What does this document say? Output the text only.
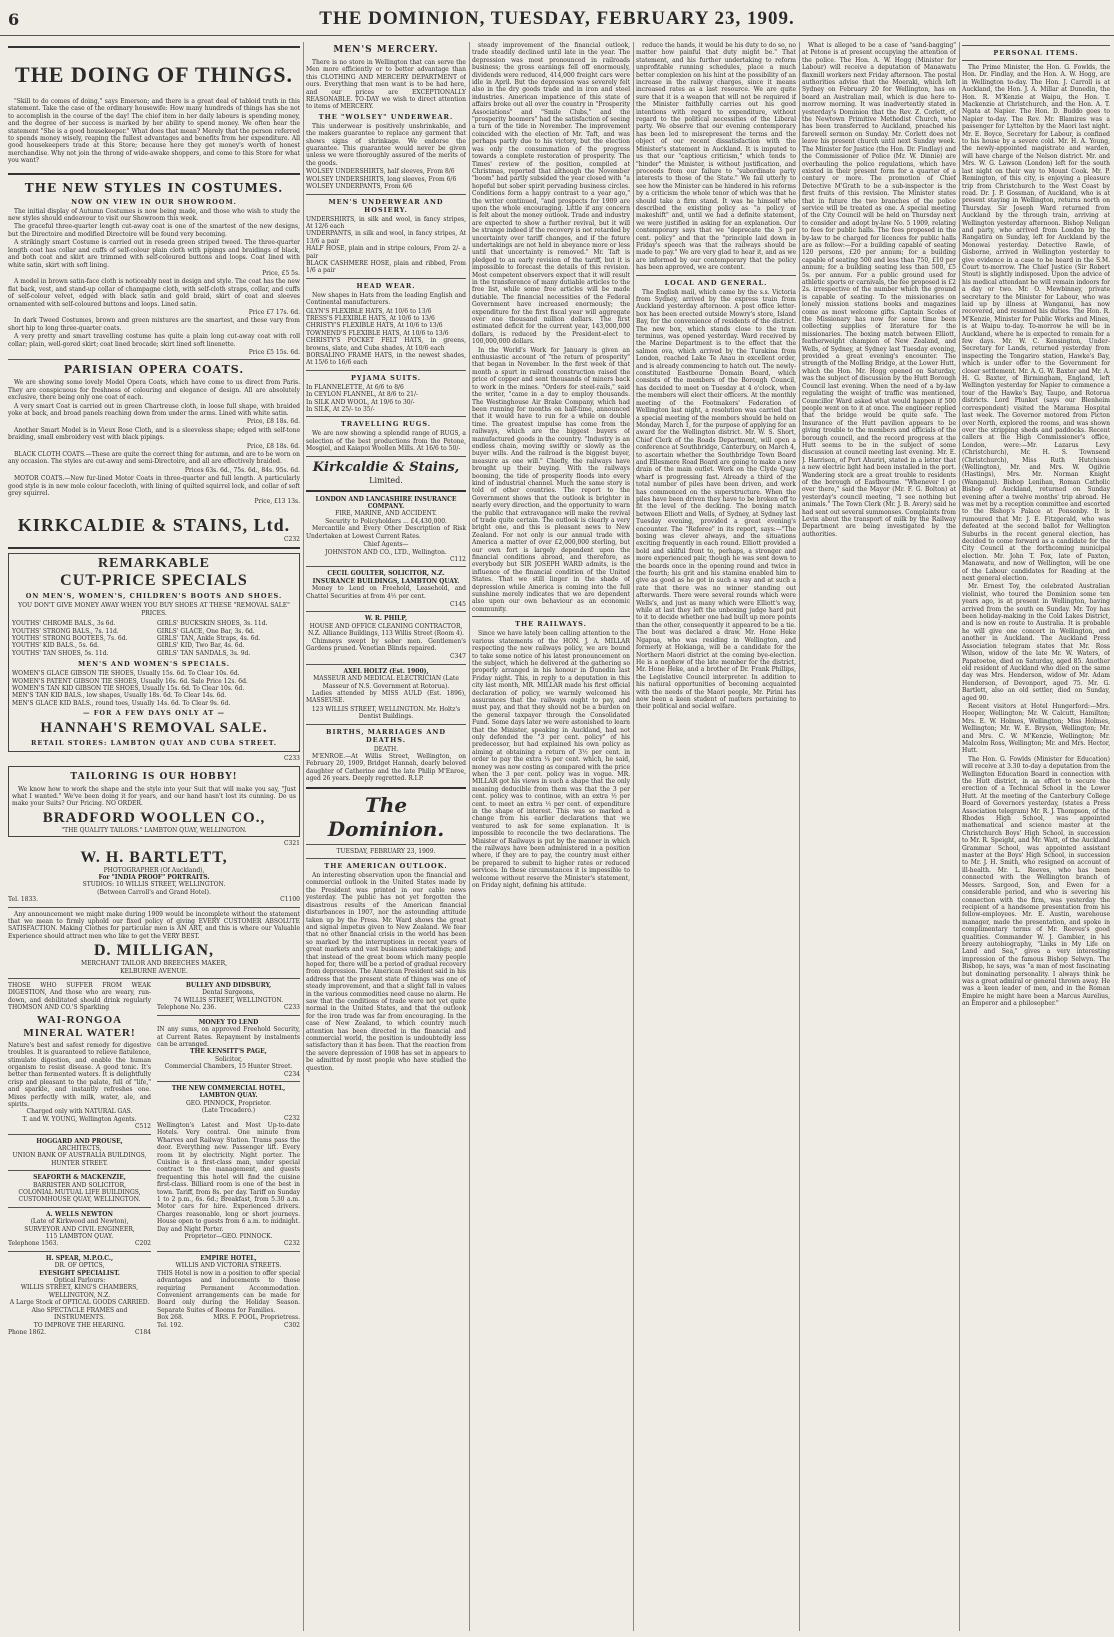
6	THE DOMINION, TUESDAY, FEBRUARY 23, 1909.
THE DOING OF THINGS.

"Skill to do comes of doing," says Emerson; and there is a great deal of tabloid truth in this statement. Take the case of the ordinary housewife: How many hundreds of things has she not to accomplish in the course of the day! The chief item in her daily labours is spending money, and the degree of her success is marked by her ability to spend money. We often hear the statement "She is a good housekeeper." What does that mean? Merely that the person referred to spends money wisely, reaping the fullest advantages and benefits from her expenditure. All good housekeepers trade at this Store; because here they get money's worth of honest merchandise. Why not join the throng of wide-awake shoppers, and come to this Store for what you want?

THE NEW STYLES IN COSTUMES.
NOW ON VIEW IN OUR SHOWROOM.

The initial display of Autumn Costumes is now being made, and those who wish to study the new styles should endeavour to visit our Showroom this week.

The graceful three-quarter length cut-away coat is one of the smartest of the new designs, but the Directoire and modified Directoire will be found very becoming.

A strikingly smart Costume is carried out in reseda green striped tweed. The three-quarter length coat has collar and cuffs of self-colour plain cloth with pipings and braidings of black, and both coat and skirt are trimmed with self-coloured buttons and loops. Coat lined with white satin, skirt with soft lining.

Price, £5 5s.

A model in brown satin-face cloth is noticeably neat in design and style. The coat has the new flat back, vest, and stand-up collar of champagne cloth, with self-cloth straps, collar, and cuffs of self-colour velvet, edged with black satin and gold braid, skirt of coat and sleeves ornamented with self-coloured buttons and loops. Lined satin.

Price £7 17s. 6d.

In dark Tweed Costumes, brown and green mixtures are the smartest, and these vary from short hip to long three-quarter coats.

A very pretty and smart travelling costume has quite a plain long cut-away coat with roll collar; plain, well-gored skirt; coat lined brocade; skirt lined soft linenette.

Price £5 15s. 6d.

PARISIAN OPERA COATS.

We are showing some lovely Model Opera Coats, which have come to us direct from Paris. They are conspicuous for freshness of colouring and elegance of design. All are absolutely exclusive, there being only one coat of each.

A very smart Coat is carried out in green Chartreuse cloth, in loose full shape, with braided yoke at back, and broad panels reaching down from under the arms. Lined with white satin.

Price, £8 18s. 6d.

Another Smart Model is in Vieux Rose Cloth, and is a sleeveless shape; edged with self-tone braiding, small embroidery vest with black pipings.

Price, £8 18s. 6d.

BLACK CLOTH COATS.—These are quite the correct thing for autumn, and are to be worn on any occasion. The styles are cut-away and semi-Directoire, and all are effectively braided.

Prices 63s. 6d., 75s. 6d., 84s. 95s. 6d.

MOTOR COATS.—New fur-lined Motor Coats in three-quarter and full length. A particularly good style is in new mole colour facecloth, with lining of quilted squirrel lock, and collar of soft grey squirrel.

Price, £13 13s.

KIRKCALDIE & STAINS, Ltd.
C232
REMARKABLE
CUT-PRICE SPECIALS
ON MEN'S, WOMEN'S, CHILDREN'S BOOTS AND SHOES.
YOU DON'T GIVE MONEY AWAY WHEN YOU BUY SHOES AT THESE "REMOVAL SALE" PRICES.
YOUTHS' CHROME BALS., 3s 6d.
YOUTHS' STRONG BALS., 7s. 11d.
YOUTHS' STRONG BOOTEES, 7s. 6d.
YOUTHS' KID BALS., 5s. 6d.
YOUTHS' TAN SHOES, 5s. 11d.
GIRLS' BUCKSKIN SHOES, 3s. 11d.
GIRLS' GLACE, One Bar, 3s. 6d.
GIRLS' TAN, Ankle Straps, 4s. 6d.
GIRLS' KID, Two Bar, 4s. 6d.
GIRLS' TAN SANDALS, 3s. 9d.
MEN'S AND WOMEN'S SPECIALS.
WOMEN'S GLACE GIBSON TIE SHOES, Usually 15s. 6d. To Clear 10s. 6d.
WOMEN'S PATENT GIBSON TIE SHOES, Usually 16s. 6d. Sale Price 12s. 6d.
WOMEN'S TAN KID GIBSON TIE SHOES, Usually 15s. 6d. To Clear 10s. 6d.
MEN'S TAN KID BALS., low shapes, Usually 18s. 6d. To Clear 14s. 6d.
MEN'S GLACE KID BALS., round toes, Usually 14s. 6d. To Clear 9s. 6d.
— FOR A FEW DAYS ONLY AT —
HANNAH'S REMOVAL SALE.
RETAIL STORES: LAMBTON QUAY AND CUBA STREET.
C233
TAILORING IS OUR HOBBY!

We know how to work the shape and the style into your Suit that will make you say, "Just what I wanted." We've been doing it for years, and our hand hasn't lost its cunning. Do us make your Suits? Our Pricing. NO ORDER.

BRADFORD WOOLLEN CO.,
"THE QUALITY TAILORS." LAMBTON QUAY, WELLINGTON.
C321
W. H. BARTLETT,
PHOTOGRAPHER (Of Auckland),
For "INDIA PROOF" PORTRAITS.
STUDIOS: 10 WILLIS STREET, WELLINGTON.
(Between Carroll's and Grand Hotel).
Tel. 1833.	C1100

Any announcement we might make during 1909 would be incomplete without the statement that we mean to firmly uphold our fixed policy of giving EVERY CUSTOMER ABSOLUTE SATISFACTION. Making Clothes for particular men is AN ART, and this is where our Valuable Experience should attract men who like to get the VERY BEST.

D. MILLIGAN,
MERCHANT TAILOR AND BREECHES MAKER,
KELBURNE AVENUE.
THOSE WHO SUFFER FROM WEAK DIGESTION, And those who are weary, run-down, and debilitated should drink regularly THOMSON AND CO.'S Sparkling
WAI-RONGOA MINERAL WATER!
Nature's best and safest remedy for digestive troubles. It is guaranteed to relieve flatulence, stimulate digestion, and enable the human organism to resist disease. A good tonic. It's better than fermented waters. It is delightfully crisp and pleasant to the palate, full of "life," and sparkle, and instantly refreshes one. Mixes perfectly with milk, water, ale, and spirits.
Charged only with NATURAL GAS.
T. and W. YOUNG, Wellington Agents.
C512
HOGGARD AND PROUSE,
ARCHITECTS,
UNION BANK OF AUSTRALIA BUILDINGS,
HUNTER STREET.
SEAFORTH & MACKENZIE,
BARRISTER AND SOLICITOR,
COLONIAL MUTUAL LIFE BUILDINGS,
CUSTOMHOUSE QUAY, WELLINGTON.
A. WELLS NEWTON
(Late of Kirkwood and Newton),
SURVEYOR AND CIVIL ENGINEER,
115 LAMBTON QUAY.
Telephone 1563.	C202
H. SPEAR, M.P.O.C.,
DR. OF OPTICS,
EYESIGHT SPECIALIST.
Optical Parlours:
WILLIS STREET, KING'S CHAMBERS, WELLINGTON, N.Z.
A Large Stock of OPTICAL GOODS CARRIED. Also SPECTACLE FRAMES and INSTRUMENTS.
TO IMPROVE THE HEARING.
Phone 1862.	C184
BULLEY AND DIDSBURY,
Dental Surgeons,
74 WILLIS STREET, WELLINGTON.
Telephone No. 236.	C233
MONEY TO LEND
IN any sums, on approved Freehold Security, at Current Rates. Repayment by instalments can be arranged.
THE KENSITT'S PAGE,
Solicitor,
Commercial Chambers, 15 Hunter Street.
C234
THE NEW COMMERCIAL HOTEL, LAMBTON QUAY.
GEO. PINNOCK, Proprietor.
(Late Trocadero.)
C232
Wellington's Latest and Most Up-to-date Hotels. Very central. One minute from Wharves and Railway Station. Trams pass the door. Everything new. Passenger lift. Every room lit by electricity. Night porter. The Cuisine is a first-class man, under special contract to the management, and guests frequenting this hotel will find the cuisine first-class. Billiard room is one of the best in town. Tariff, from 8s. per day. Tariff on Sunday 1 to 2 p.m., 6s. 6d.; Breakfast, from 5.30 a.m. Motor cars for hire. Experienced drivers. Charges reasonable, long or short journeys. House open to guests from 6 a.m. to midnight. Day and Night Porter.
Proprietor—GEO. PINNOCK.
C232
EMPIRE HOTEL,
WILLIS AND VICTORIA STREETS.
THIS Hotel is now in a position to offer special advantages and inducements to those requiring Permanent Accommodation. Convenient arrangements can be made for Board only during the Holiday Season. Separate Suites of Rooms for Families.
Box 268.	MRS. F. POOL, Proprietress.
Tel. 192.	C302
MEN'S MERCERY.

There is no store in Wellington that can serve the Men more efficiently or to better advantage than this CLOTHING AND MERCERY DEPARTMENT of ours. Everything that men want is to be had here, and our prices are EXCEPTIONALLY REASONABLE. TO-DAY we wish to direct attention to items of MERCERY.

THE "WOLSEY" UNDERWEAR.

This underwear is positively unshrinkable, and the makers guarantee to replace any garment that shows signs of shrinkage. We endorse the guarantee. This guarantee would never be given unless we were thoroughly assured of the merits of the goods.

WOLSEY UNDERSHIRTS, half sleeves, From 8/6
WOLSEY UNDERSHIRTS, long sleeves, From 6/6
WOLSEY UNDERPANTS, From 6/6
MEN'S UNDERWEAR AND HOSIERY.
UNDERSHIRTS, in silk and wool, in fancy stripes, At 12/6 each
UNDERPANTS, in silk and wool, in fancy stripes, At 13/6 a pair
HALF HOSE, plain and in stripe colours, From 2/- a pair
BLACK CASHMERE HOSE, plain and ribbed, From 1/6 a pair
HEAD WEAR.

New shapes in Hats from the leading English and Continental manufacturers.

GLYN'S FLEXIBLE HATS, At 10/6 to 13/6
TRESS'S FLEXIBLE HATS, At 10/6 to 13/6
CHRISTY'S FLEXIBLE HATS, At 10/6 to 13/6
TOWNEND'S FLEXIBLE HATS, At 10/6 to 13/6
CHRISTY'S POCKET FELT HATS, in greens, browns, slate, and Cuba shades, At 10/6 each
BORSALINO FRAME HATS, in the newest shades, At 15/6 to 16/6 each
PYJAMA SUITS.
In FLANNELETTE, At 6/6 to 8/6
In CEYLON FLANNEL, At 8/6 to 21/-
In SILK AND WOOL, At 19/6 to 30/-
In SILK, At 25/- to 35/-
TRAVELLING RUGS.

We are now showing a splendid range of RUGS, a selection of the best productions from the Petone, Mosgiel, and Kaiapoi Woollen Mills. At 16/6 to 50/-

Kirkcaldie & Stains,
Limited.
LONDON AND LANCASHIRE INSURANCE COMPANY.
FIRE, MARINE, AND ACCIDENT.
Security to Policyholders ... £4,430,000.

Mercantile and Every Other Description of Risk Undertaken at Lowest Current Rates.

Chief Agents—
JOHNSTON AND CO., LTD., Wellington.
C112
CECIL GOULTER, SOLICITOR, N.Z. INSURANCE BUILDINGS, LAMBTON QUAY.

Money to Lend on Freehold, Leasehold, and Chattel Securities at from 4½ per cent.

C145
W. R. PHILP,
HOUSE AND OFFICE CLEANING CONTRACTOR,
N.Z. Alliance Buildings, 113 Willis Street (Room 4).

Chimneys swept by sober men. Gentlemen's Gardens pruned. Venetian Blinds repaired.

C347
AXEL HOLTZ (Est. 1900),
MASSEUR AND MEDICAL ELECTRICIAN (Late Masseur of N.S. Government at Rotorua).

Ladies attended by MISS AULD (Est. 1896), MASSEUSE.

123 WILLIS STREET, WELLINGTON. Mr. Holtz's Dentist Buildings.
BIRTHS, MARRIAGES AND DEATHS.
DEATH.

M'ENROE.—At Willis Street, Wellington, on February 20, 1909, Bridget Hannah, dearly beloved daughter of Catherine and the late Philip M'Enroe, aged 26 years. Deeply regretted. R.I.P.

The Dominion.
TUESDAY, FEBRUARY 23, 1909.
THE AMERICAN OUTLOOK.

An interesting observation upon the financial and commercial outlook in the United States made by the President was printed in our cable news yesterday. The public has not yet forgotten the disastrous results of the American financial disturbances in 1907, nor the astounding attitude taken up by the Press. Mr. Ward shows the great and signal impetus given to New Zealand. We fear that no other financial crisis in the world has been so marked by the interruptions in recent years of great markets and vast business undertakings; and that instead of the great boom which many people hoped for, there will be a period of gradual recovery from depression. The American President said in his address that the present state of things was one of steady improvement, and that a slight fall in values in the various commodities need cause no alarm. He saw that the conditions of trade were not yet quite normal in the United States, and that the outlook for the iron trade was far from encouraging. In the case of New Zealand, to which country much attention has been directed in the financial and commercial world, the position is undoubtedly less satisfactory than it has been. That the reaction from the severe depression of 1908 has set in appears to be admitted by most people who have studied the question.

steady improvement of the financial outlook, trade steadily declined until late in the year. The depression was most pronounced in railroads business; the gross earnings fell off enormously, dividends were reduced, 414,000 freight cars were idle in April. But the depression was severely felt also in the dry goods trade and in iron and steel industries. American impatience of this state of affairs broke out all over the country in "Prosperity Associations" and "Smile Clubs," and the "prosperity boomers" had the satisfaction of seeing a turn of the tide in November. The improvement coincided with the election of Mr. Taft, and was perhaps partly due to his victory, but the election was only the consummation of the progress towards a complete restoration of prosperity. The Times' review of the position, compiled at Christmas, reported that although the November "boom" had partly subsided the year closed with "a hopeful but sober spirit pervading business circles. Conditions form a happy contrast to a year ago," the writer continued, "and prospects for 1909 are upon the whole encouraging. Little if any concern is felt about the money outlook. Trade and industry are expected to show a further revival, but it will be strange indeed if the recovery is not retarded by uncertainty over tariff changes, and if the future undertakings are not held in abeyance more or less until that uncertainty is removed." Mr. Taft is pledged to an early revision of the tariff, but it is impossible to forecast the details of this revision. Most competent observers expect that it will result in the transference of many dutiable articles to the free list, while some free articles will be made dutiable. The financial necessities of the Federal Government have increased enormously; the expenditure for the first fiscal year will aggregate over one thousand million dollars. The first estimated deficit for the current year, 143,000,000 dollars, is reduced by the President-elect to 100,000,000 dollars.

In the World's Work for January is given an enthusiastic account of "the return of prosperity" that began in November. In the first week of that month a spurt in railroad construction raised the price of copper and sent thousands of miners back to work in the mines. "Orders for steel-rails," said the writer, "came in a day to employ thousands. The Westinghouse Air Brake Company, which had been running for months on half-time, announced that it would have to run for a while on double time. The greatest impulse has come from the railways, which are the biggest buyers of manufactured goods in the country. "Industry is an endless chain, moving swiftly or slowly as the buyer wills. And the railroad is the biggest buyer, measure as one will." Chiefly, the railways have brought up their buying. With the railways booming, the tide of prosperity floods into every kind of industrial channel. Much the same story is told of other countries. The report to the Government shows that the outlook is brighter in nearly every direction, and the opportunity to warn the public that extravagance will make the revival of trade quite certain. The outlook is clearly a very bright one, and this is pleasant news to New Zealand. For not only is our annual trade with America a matter of over £2,000,000 sterling, but our own fort is largely dependent upon the financial conditions abroad, and therefore, as everybody but SIR JOSEPH WARD admits, is the influence of the financial condition of the United States. That we still linger in the shade of depression while America is coming into the full sunshine merely indicates that we are dependent also upon our own behaviour as an economic community.

THE RAILWAYS.

Since we have lately been calling attention to the various statements of the HON. J. A. MILLAR respecting the new railways policy, we are bound to take some notice of his latest pronouncement on the subject, which he delivered at the gathering so properly arranged in his honour in Dunedin last Friday night. This, in reply to a deputation in this city last month, MR. MILLAR made his first official declaration of policy, we warmly welcomed his assurances that the railways ought to pay, and must pay, and that they should not be a burden on the general taxpayer through the Consolidated Fund. Some days later we were astonished to learn that the Minister, speaking in Auckland, had not only defended the "3 per cent. policy" of his predecessor, but had explained his own policy as aiming at obtaining a return of 3½ per cent. in order to pay the extra ¼ per cent. which, he said, money was now costing as compared with the price when the 3 per cent. policy was in vogue. MR. MILLAR got his views in such a shape that the only meaning deducible from them was that the 3 per cent. policy was to continue, with an extra ½ per cent. to meet an extra ½ per cent. of expenditure in the shape of interest. This was so marked a change from his earlier declarations that we ventured to ask for some explanation. It is impossible to reconcile the two declarations. The Minister of Railways is put by the manner in which the railways have been administered in a position where, if they are to pay, the country must either be prepared to submit to higher rates or reduced services. In these circumstances it is impossible to welcome without reserve the Minister's statement, on Friday night, defining his attitude.

reduce the hands, it would be his duty to do so, no matter how painful that duty might be." That statement, and his further undertaking to reform unprofitable running schedules, place a much better complexion on his hint at the possibility of an increase in the railway charges, since it means increased rates as a last resource. We are quite sure that it is a weapon that will not be required if the Minister faithfully carries out his good intentions with regard to expenditure, without regard to the political necessities of the Liberal party. We observe that our evening contemporary has been led to misrepresent the terms and the object of our recent dissatisfaction with the Minister's statement in Auckland. It is imputed to us that our "captious criticism," which tends to "hinder" the Minister, is without justification, and proceeds from our failure to "subordinate party interests to those of the State." We fail utterly to see how the Minister can be hindered in his reforms by a criticism the whole tenor of which was that he should take a firm stand. It was he himself who described the existing policy as "a policy of makeshift" and, until we had a definite statement, we were justified in asking for an explanation. Our contemporary says that we "deprecate the 3 per cent. policy" and that the "principle laid down in Friday's speech was that the railways should be made to pay." We are very glad to hear it, and as we are informed by our contemporary that the policy has been approved, we are content.

LOCAL AND GENERAL.

The English mail, which came by the s.s. Victoria from Sydney, arrived by the express train from Auckland yesterday afternoon. A post office letter-box has been erected outside Mowry's store, Island Bay, for the convenience of residents of the district. The new box, which stands close to the tram terminus, was opened yesterday. Ward received by the Marine Department is to the effect that the salmon ova, which arrived by the Turakina from London, reached Lake Te Anau in excellent order, and is already commencing to hatch out. The newly-constituted Eastbourne Domain Board, which consists of the members of the Borough Council, has decided to meet on Tuesday at 4 o'clock, when the members will elect their officers. At the monthly meeting of the Footmakers' Federation of Wellington last night, a resolution was carried that a special meeting of the members should be held on Monday, March 1, for the purpose of applying for an award for the Wellington district. Mr. W. S. Short, Chief Clerk of the Roads Department, will open a conference at Southbridge, Canterbury, on March 4, to ascertain whether the Southbridge Town Board and Ellesmere Road Board are going to make a new drain of the main outlet. Work on the Clyde Quay wharf is progressing fast. Already a third of the total number of piles have been driven, and work has commenced on the superstructure. When the piles have been driven they have to be broken off to fit the level of the decking. The boxing match between Elliott and Wells, of Sydney, at Sydney last Tuesday evening, provided a great evening's encounter. The "Referee" in its report, says:—"The boxing was clever always, and the situations exciting frequently in each round. Elliott provided a bold and skilful front to, perhaps, a stronger and more experienced pair, though he was sent down to the boards once in the opening round and twice in the fourth; his grit and his stamina enabled him to give as good as he got in such a way and at such a rate that there was no winner standing out afterwards. There were several rounds which were Wells's, and just as many which were Elliott's way, while at last they left the unboxing judge hard put to it to decide whether one had built up more points than the other, consequently it appeared to be a tie. The bout was declared a draw. Mr. Hone Heke Ngapua, who was residing in Wellington, and formerly at Hokianga, will be a candidate for the Northern Maori district at the coming bye-election. He is a nephew of the late member for the district, Mr. Hone Heke, and a brother of Dr. Frank Phillips, the Legislative Council interpreter. In addition to his natural opportunities of becoming acquainted with the needs of the Maori people, Mr. Pirini has now been a keen student of matters pertaining to their political and social welfare.

What is alleged to be a case of "sand-bagging" at Petone is at present occupying the attention of the police. The Hon. A. W. Hogg (Minister for Labour) will receive a deputation of Manawatu flaxmill workers next Friday afternoon. The postal authorities advise that the Moeraki, which left Sydney on February 20 for Wellington, has on board an Australian mail, which is due here to-morrow morning. It was inadvertently stated in yesterday's Dominion that the Rev. Z. Corlett, of the Newtown Primitive Methodist Church, who has been transferred to Auckland, preached his farewell sermon on Sunday. Mr. Corlett does not leave his present church until next Sunday week. The Minister for Justice (the Hon. Dr. Findlay) and the Commissioner of Police (Mr. W. Dinnie) are overhauling the police regulations, which have existed in their present form for a quarter of a century or more. The promotion of Chief Detective M'Grath to be a sub-inspector is the first fruits of this revision. The Minister states that in future the two branches of the police service will be treated as one. A special meeting of the City Council will be held on Thursday next to consider and adopt by-law No. 5 1909, relating to fees for public halls. The fees proposed in the by-law to be charged for licences for public halls are as follow:—For a building capable of seating 120 persons, £20 per annum; for a building capable of seating 500 and less than 750, £10 per annum; for a building seating less than 500, £5 5s. per annum. For a public ground used for athletic sports or carnivals, the fee proposed is £2 2s. irrespective of the number which the ground is capable of seating. To the missionaries on lonely mission stations books and magazines come as most welcome gifts. Captain Scoles of the Missionary has now for some time been collecting supplies of literature for the missionaries. The boxing match between Elliott, featherweight champion of New Zealand, and Wells, of Sydney, at Sydney last Tuesday evening, provided a great evening's encounter. The strength of the Molling Bridge, at the Lower Hutt, which the Hon. Mr. Hogg opened on Saturday, was the subject of discussion by the Hutt Borough Council last evening. When the need of a by-law regulating the weight of traffic was mentioned, Councillor Ward asked what would happen if 500 people went on to it at once. The engineer replied that the bridge would be quite safe. The Insurance of the Hutt pavilion appears to be giving trouble to the members and officials of the borough council, and the record progress at the Hutt seems to be in the subject of some discussion at council meeting last evening. Mr. E. J. Harrison, of Port Ahuriri, stated in a letter that a new electric light had been installed in the port. Wandering stock are a great trouble to residents of the borough of Eastbourne. "Whenever I go over there," said the Mayor (Mr. F. G. Bolton) at yesterday's council meeting, "I see nothing but animals." The Town Clerk (Mr. J. B. Avery) said he had sent out several summonses. Complaints from Levin about the transport of milk by the Railway Department are being investigated by the authorities.

PERSONAL ITEMS.

The Prime Minister, the Hon. G. Fowlds, the Hon. Dr. Findlay, and the Hon. A. W. Hogg, are in Wellington to-day. The Hon. J. Carroll is at Auckland, the Hon. J. A. Millar at Dunedin, the Hon. R. M'Kenzie at Waipu, the Hon. T. Mackenzie at Christchurch, and the Hon. A. T. Ngata at Napier. The Hon. D. Buddo goes to Napier to-day. The Rev. Mr. Blamires was a passenger for Lyttelton by the Maori last night. Mr. E. Boyce, Secretary for Labour, is confined to his house by a severe cold. Mr. H. A. Young, the newly-appointed magistrate and warden, will have charge of the Nelson district. Mr. and Mrs. W. G. Lawson (London) left for the south last night on their way to Mount Cook. Mr. P. Remington, of this city, is enjoying a pleasure trip from Christchurch to the West Coast by road. Dr. J. P. Gossman, of Auckland, who is at present staying in Wellington, returns north on Thursday. Sir Joseph Ward returned from Auckland by the through train, arriving at Wellington yesterday afternoon. Bishop Neligan and party, who arrived from London by the Rangatira on Sunday, left for Auckland by the Monowai yesterday. Detective Rawle, of Gisborne, arrived in Wellington yesterday to give evidence in a case to be heard in the S.M. Court to-morrow. The Chief Justice (Sir Robert Stout) is slightly indisposed. Upon the advice of his medical attendant he will remain indoors for a day or two. Mr. O. Mewbinney, private secretary to the Minister for Labour, who was laid up by illness at Wanganui, has now recovered, and resumed his duties. The Hon. R. M'Kenzie, Minister for Public Works and Mines, is at Waipu to-day. To-morrow he will be in Auckland, where he is expected to remain for a few days. Mr. W. C. Kensington, Under-Secretary for Lands, returned yesterday from inspecting the Tongariro station, Hawke's Bay, which is under offer to the Government for closer settlement. Mr. A. G. W. Baxter and Mr. A. H. G. Baxter, of Birmingham, England, left Wellington yesterday for Napier to commence a tour of the Hawke's Bay, Taupo, and Rotorua districts. Lord Plunket (says our Blenheim correspondent) visited the Marama Hospital last week. The Governor motored from Picton over North, explored the rooms, and was shown over the stripping sheds and paddocks. Recent callers at the High Commissioner's office, London, were:—Mr. Lazarus Levy (Christchurch), Mr. H. S. Townsend (Christchurch), Miss Ruth Hutchison (Wellington), Mr. and Mrs. W. Ogilvie (Hastings), Mrs. Mr. Norman Knight (Wanganui). Bishop Lenihan, Roman Catholic Bishop of Auckland, returned on Sunday evening after a twelve months' trip abroad. He was met by a reception committee and escorted to the Bishop's Palace at Ponsonby. It is rumoured that Mr. J. E. Fitzgerald, who was defeated at the second ballot for Wellington Suburbs in the recent general election, has decided to come forward as a candidate for the City Council at the forthcoming municipal election. Mr. John T. Fox, late of Paxton, Manawatu, and now of Wellington, will be one of the Labour candidates for Reading at the next general election.

Mr. Ernest Toy, the celebrated Australian violinist, who toured the Dominion some ten years ago, is at present in Wellington, having arrived from the south on Sunday. Mr. Toy has been holiday-making in the Cold Lakes District, and is now en route to Australia. It is probable he will give one concert in Wellington, and another in Auckland. The Auckland Press Association telegram states that Mr. Ross Wilson, widow of the late Mr. W. Waters, of Papatoetoe, died on Saturday, aged 85. Another old resident of Auckland who died on the same day was Mrs. Henderson, widow of Mr. Adam Henderson, of Devonport, aged 75. Mr. G. Bartlett, also an old settler, died on Sunday, aged 90.

Recent visitors at Hotel Hungerford:—Mrs. Hooper, Wellington; Mr. W. Calcutt, Hamilton; Mrs. E. W. Holmes, Wellington; Miss Holmes, Wellington; Mr. W. E. Bryson, Wellington; Mr. and Mrs. C. W. M'Kenzie, Wellington; Mr. Malcolm Ross, Wellington; Mr. and Mrs. Hector, Hutt.

The Hon. G. Fowlds (Minister for Education) will receive at 3.30 to-day a deputation from the Wellington Education Board in connection with the Hutt district, in an effort to secure the erection of a Technical School in the Lower Hutt. At the meeting of the Canterbury College Board of Governors yesterday, (states a Press Association telegram) Mr. R. J. Thompson, of the Rhodes High School, was appointed mathematical and science master at the Christchurch Boys' High School, in succession to Mr. R. Speight, and Mr. Watt, of the Auckland Grammar School, was appointed assistant master at the Boys' High School, in succession to Mr. J. H. Smith, who resigned on account of ill-health. Mr. L. Reeves, who has been connected with the Wellington branch of Messrs. Sargood, Son, and Ewen for a considerable period, and who is severing his connection with the firm, was yesterday the recipient of a handsome presentation from his fellow-employees. Mr. E. Austin, warehouse manager, made the presentation, and spoke in complimentary terms of Mr. Reeves's good qualities. Commander W. J. Gambier, in his breezy autobiography, "Links in My Life on Land and Sea," gives a very interesting impression of the famous Bishop Selwyn. The Bishop, he says, was "a man of most fascinating but dominating personality. I always think he was a great admiral or general thrown away. He was a keen leader of men, and in the Roman Empire he might have been a Marcus Aurelius, an Emperor and a philosopher."
